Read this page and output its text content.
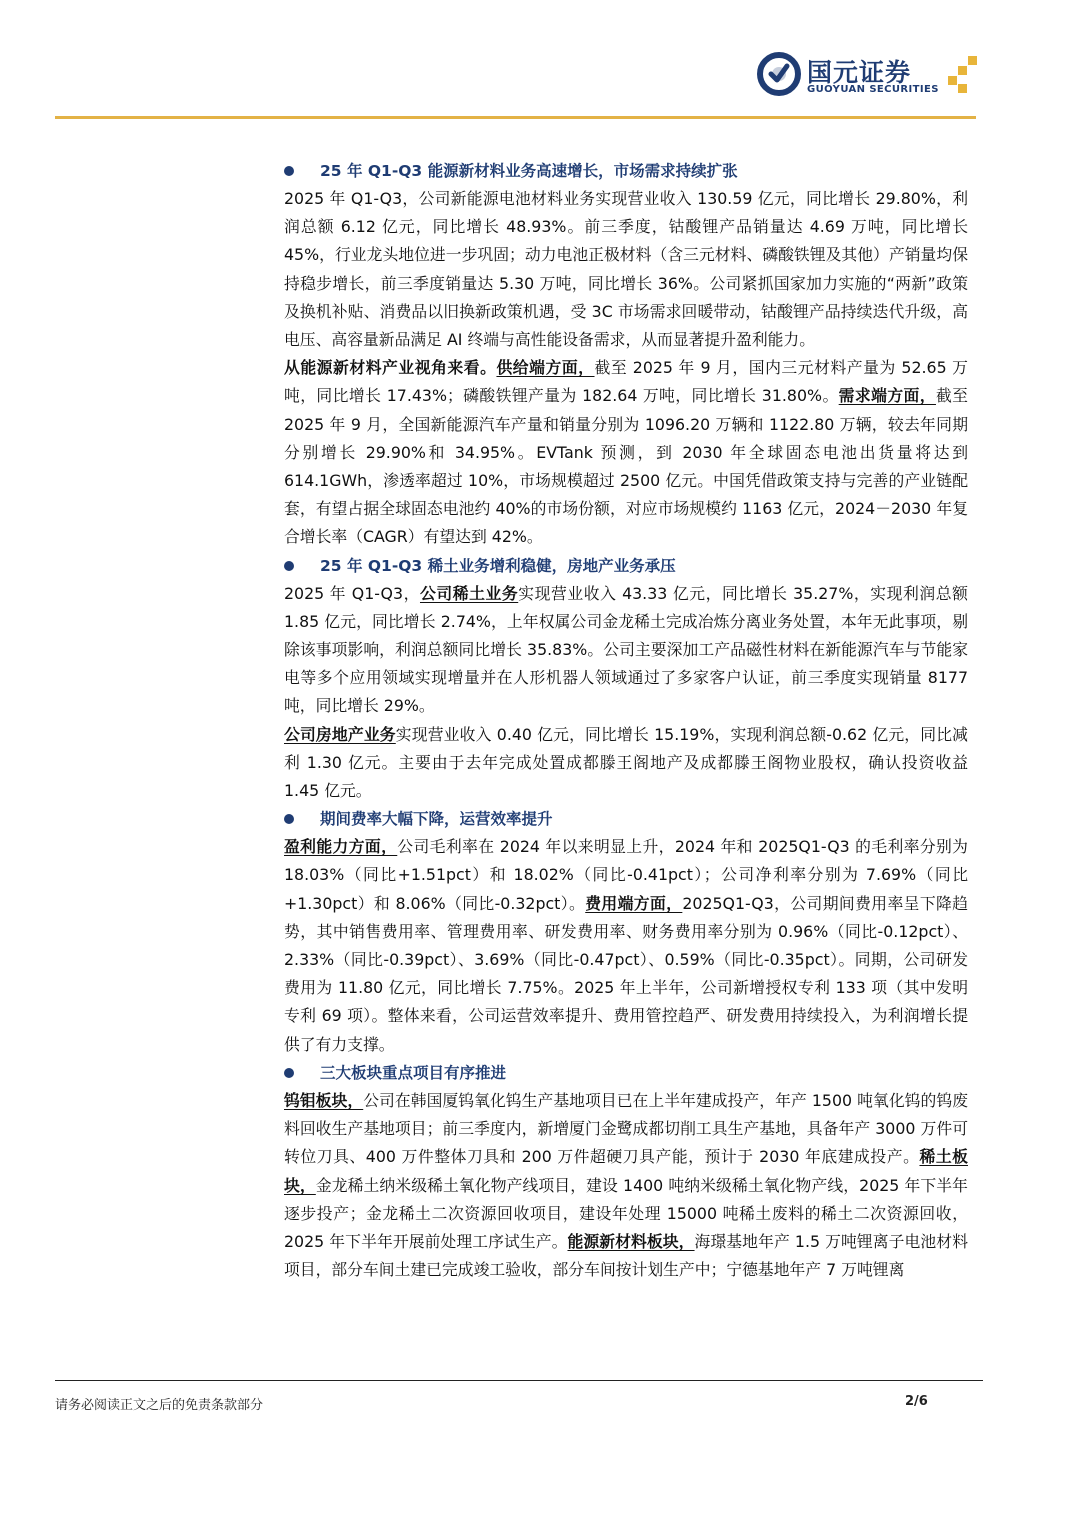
国元证券
GUOYUAN SECURITIES
25 年 Q1-Q3 能源新材料业务高速增长，市场需求持续扩张

2025 年 Q1-Q3，公司新能源电池材料业务实现营业收入 130.59 亿元，同比增长 29.80%，利润总额 6.12 亿元，同比增长 48.93%。前三季度，钴酸锂产品销量达 4.69 万吨，同比增长 45%，行业龙头地位进一步巩固；动力电池正极材料（含三元材料、磷酸铁锂及其他）产销量均保持稳步增长，前三季度销量达 5.30 万吨，同比增长 36%。公司紧抓国家加力实施的“两新”政策及换机补贴、消费品以旧换新政策机遇，受 3C 市场需求回暖带动，钴酸锂产品持续迭代升级，高电压、高容量新品满足 AI 终端与高性能设备需求，从而显著提升盈利能力。

从能源新材料产业视角来看。供给端方面，截至 2025 年 9 月，国内三元材料产量为 52.65 万吨，同比增长 17.43%；磷酸铁锂产量为 182.64 万吨，同比增长 31.80%。需求端方面，截至 2025 年 9 月，全国新能源汽车产量和销量分别为 1096.20 万辆和 1122.80 万辆，较去年同期分别增长 29.90%和 34.95%。EVTank 预测，到 2030 年全球固态电池出货量将达到 614.1GWh，渗透率超过 10%，市场规模超过 2500 亿元。中国凭借政策支持与完善的产业链配套，有望占据全球固态电池约 40%的市场份额，对应市场规模约 1163 亿元，2024－2030 年复合增长率（CAGR）有望达到 42%。

25 年 Q1-Q3 稀土业务增利稳健，房地产业务承压

2025 年 Q1-Q3，公司稀土业务实现营业收入 43.33 亿元，同比增长 35.27%，实现利润总额 1.85 亿元，同比增长 2.74%，上年权属公司金龙稀土完成冶炼分离业务处置，本年无此事项，剔除该事项影响，利润总额同比增长 35.83%。公司主要深加工产品磁性材料在新能源汽车与节能家电等多个应用领域实现增量并在人形机器人领域通过了多家客户认证，前三季度实现销量 8177 吨，同比增长 29%。

公司房地产业务实现营业收入 0.40 亿元，同比增长 15.19%，实现利润总额-0.62 亿元，同比减利 1.30 亿元。主要由于去年完成处置成都滕王阁地产及成都滕王阁物业股权，确认投资收益 1.45 亿元。

期间费率大幅下降，运营效率提升

盈利能力方面，公司毛利率在 2024 年以来明显上升，2024 年和 2025Q1-Q3 的毛利率分别为 18.03%（同比+1.51pct）和 18.02%（同比-0.41pct）；公司净利率分别为 7.69%（同比+1.30pct）和 8.06%（同比-0.32pct）。费用端方面，2025Q1-Q3，公司期间费用率呈下降趋势，其中销售费用率、管理费用率、研发费用率、财务费用率分别为 0.96%（同比-0.12pct）、2.33%（同比-0.39pct）、3.69%（同比-0.47pct）、0.59%（同比-0.35pct）。同期，公司研发费用为 11.80 亿元，同比增长 7.75%。2025 年上半年，公司新增授权专利 133 项（其中发明专利 69 项）。整体来看，公司运营效率提升、费用管控趋严、研发费用持续投入，为利润增长提供了有力支撑。

三大板块重点项目有序推进

钨钼板块，公司在韩国厦钨氧化钨生产基地项目已在上半年建成投产，年产 1500 吨氧化钨的钨废料回收生产基地项目；前三季度内，新增厦门金鹭成都切削工具生产基地，具备年产 3000 万件可转位刀具、400 万件整体刀具和 200 万件超硬刀具产能，预计于 2030 年底建成投产。稀土板块，金龙稀土纳米级稀土氧化物产线项目，建设 1400 吨纳米级稀土氧化物产线，2025 年下半年逐步投产；金龙稀土二次资源回收项目，建设年处理 15000 吨稀土废料的稀土二次资源回收，2025 年下半年开展前处理工序试生产。能源新材料板块，海璟基地年产 1.5 万吨锂离子电池材料项目，部分车间土建已完成竣工验收，部分车间按计划生产中；宁德基地年产 7 万吨锂离

请务必阅读正文之后的免责条款部分	2/6
